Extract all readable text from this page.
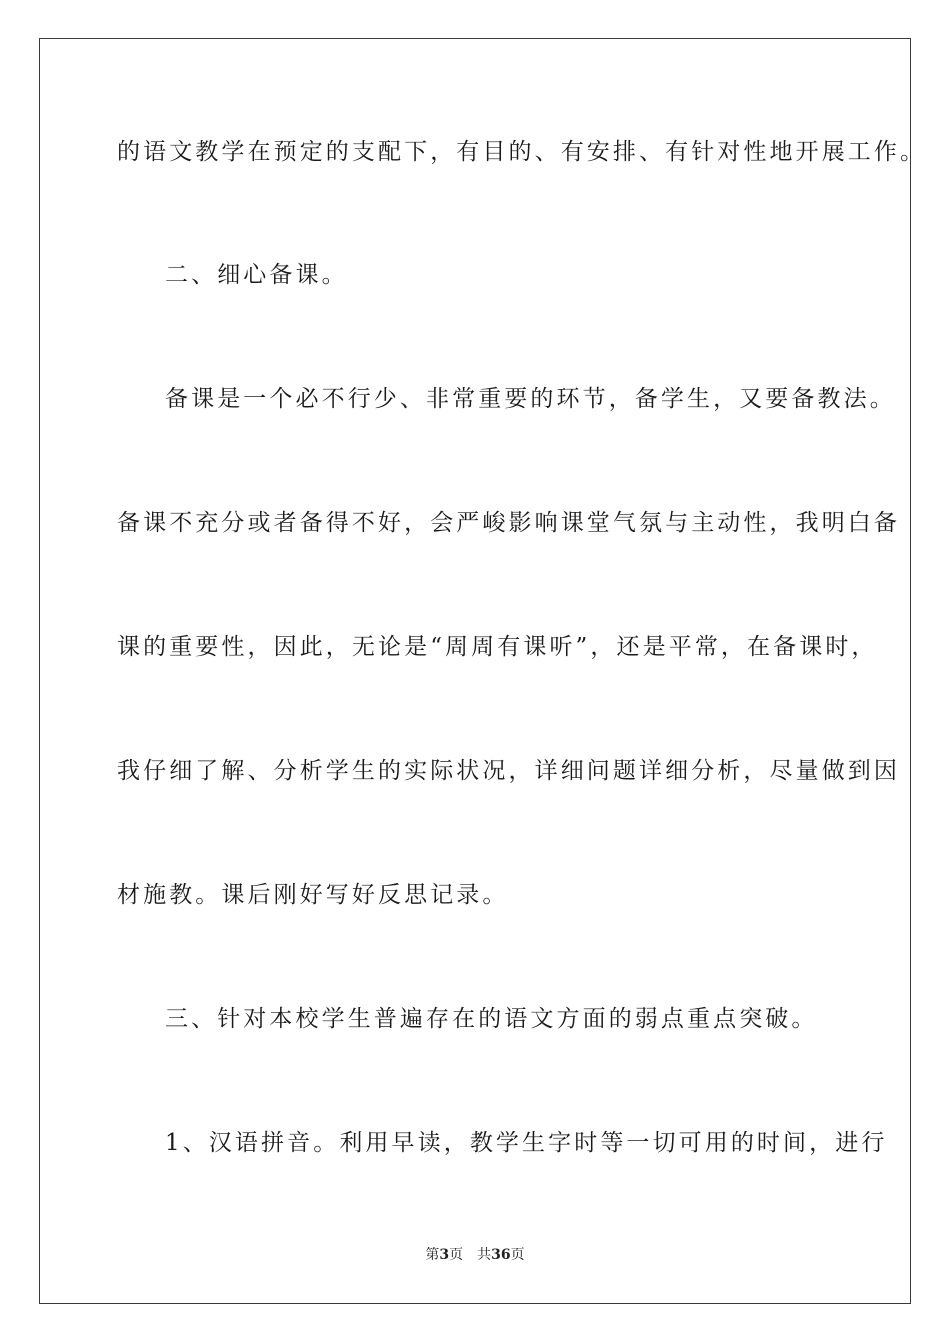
的语文教学在预定的支配下，有目的、有安排、有针对性地开展工作。
二、细心备课。
备课是一个必不行少、非常重要的环节，备学生，又要备教法。
备课不充分或者备得不好，会严峻影响课堂气氛与主动性，我明白备
课的重要性，因此，无论是“周周有课听”，还是平常，在备课时，
我仔细了解、分析学生的实际状况，详细问题详细分析，尽量做到因
材施教。课后刚好写好反思记录。
三、针对本校学生普遍存在的语文方面的弱点重点突破。
1、汉语拼音。利用早读，教学生字时等一切可用的时间，进行
第3页 共36页
